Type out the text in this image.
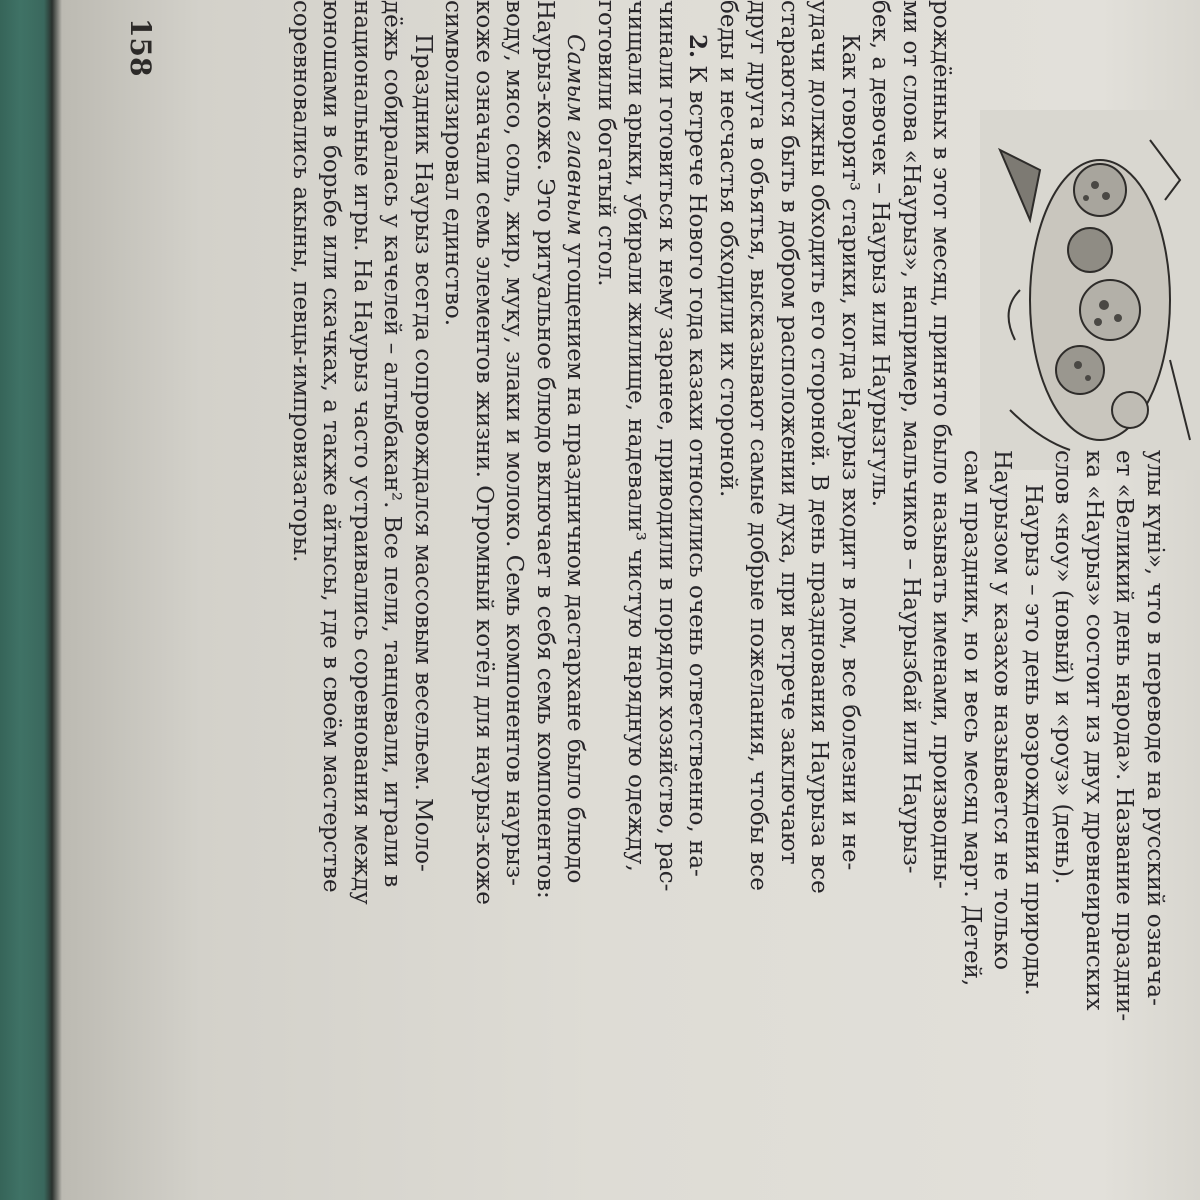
158
улы күні», что в переводе на русский означа-
ет «Великий день народа». Название праздни-
ка «Наурыз» состоит из двух древнеиранских
слов «ноу» (новый) и «роуз» (день).
Наурыз – это день возрождения природы.
Наурызом у казахов называется не только
сам праздник, но и весь месяц март. Детей,
рождённых в этот месяц, принято было называть именами, производны-
ми от слова «Наурыз», например, мальчиков – Наурызбай или Наурыз-
бек, а девочек – Наурыз или Наурызгуль.
Как говорят³ старики, когда Наурыз входит в дом, все болезни и не-
удачи должны обходить его стороной. В день празднования Наурыза все
стараются быть в добром расположении духа, при встрече заключают
друг друга в объятья, высказывают самые добрые пожелания, чтобы все
беды и несчастья обходили их стороной.
2. К встрече Нового года казахи относились очень ответственно, на-
чинали готовиться к нему заранее, приводили в порядок хозяйство, рас-
чищали арыки, убирали жилище, надевали³ чистую нарядную одежду,
готовили богатый стол.
Самым главным угощением на праздничном дастархане было блюдо
Наурыз-коже. Это ритуальное блюдо включает в себя семь компонентов:
воду, мясо, соль, жир, муку, злаки и молоко. Семь компонентов наурыз-
коже означали семь элементов жизни. Огромный котёл для наурыз-коже
символизировал единство.
Праздник Наурыз всегда сопровождался массовым весельем. Моло-
дёжь собиралась у качелей – алтыбакан². Все пели, танцевали, играли в
национальные игры. На Наурыз часто устраивались соревнования между
юношами в борьбе или скачках, а также айтысы, где в своём мастерстве
соревновались акыны, певцы-импровизаторы.
